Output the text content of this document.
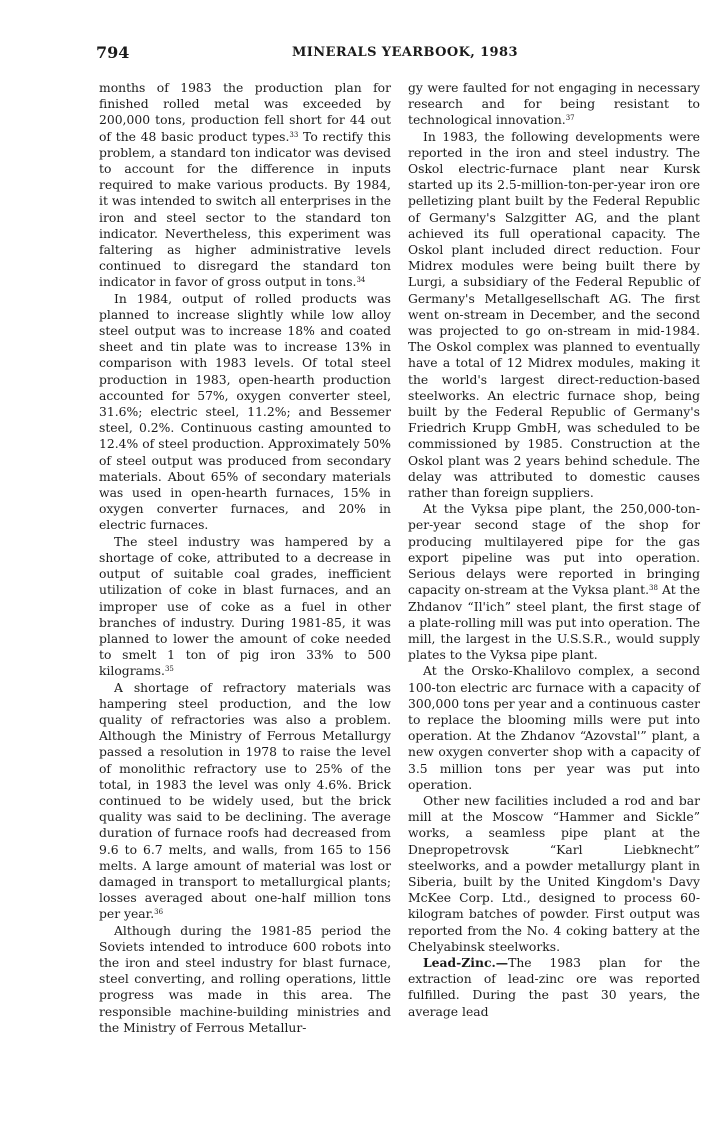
794	MINERALS YEARBOOK, 1983

months of 1983 the production plan for finished rolled metal was exceeded by 200,000 tons, production fell short for 44 out of the 48 basic product types.$^{33}$ To rectify this problem, a standard ton indicator was devised to account for the difference in inputs required to make various products. By 1984, it was intended to switch all enterprises in the iron and steel sector to the standard ton indicator. Nevertheless, this experiment was faltering as higher administrative levels continued to disregard the standard ton indicator in favor of gross output in tons.$^{34}$

In 1984, output of rolled products was planned to increase slightly while low alloy steel output was to increase 18% and coated sheet and tin plate was to increase 13% in comparison with 1983 levels. Of total steel production in 1983, open-hearth production accounted for 57%, oxygen converter steel, 31.6%; electric steel, 11.2%; and Bessemer steel, 0.2%. Continuous casting amounted to 12.4% of steel production. Approximately 50% of steel output was produced from secondary materials. About 65% of secondary materials was used in open-hearth furnaces, 15% in oxygen converter furnaces, and 20% in electric furnaces.

The steel industry was hampered by a shortage of coke, attributed to a decrease in output of suitable coal grades, inefficient utilization of coke in blast furnaces, and an improper use of coke as a fuel in other branches of industry. During 1981-85, it was planned to lower the amount of coke needed to smelt 1 ton of pig iron 33% to 500 kilograms.$^{35}$

A shortage of refractory materials was hampering steel production, and the low quality of refractories was also a problem. Although the Ministry of Ferrous Metallurgy passed a resolution in 1978 to raise the level of monolithic refractory use to 25% of the total, in 1983 the level was only 4.6%. Brick continued to be widely used, but the brick quality was said to be declining. The average duration of furnace roofs had decreased from 9.6 to 6.7 melts, and walls, from 165 to 156 melts. A large amount of material was lost or damaged in transport to metallurgical plants; losses averaged about one-half million tons per year.$^{36}$

Although during the 1981-85 period the Soviets intended to introduce 600 robots into the iron and steel industry for blast furnace, steel converting, and rolling operations, little progress was made in this area. The responsible machine-building ministries and the Ministry of Ferrous Metallur-

gy were faulted for not engaging in necessary research and for being resistant to technological innovation.$^{37}$

In 1983, the following developments were reported in the iron and steel industry. The Oskol electric-furnace plant near Kursk started up its 2.5-million-ton-per-year iron ore pelletizing plant built by the Federal Republic of Germany's Salzgitter AG, and the plant achieved its full operational capacity. The Oskol plant included direct reduction. Four Midrex modules were being built there by Lurgi, a subsidiary of the Federal Republic of Germany's Metallgesellschaft AG. The first went on-stream in December, and the second was projected to go on-stream in mid-1984. The Oskol complex was planned to eventually have a total of 12 Midrex modules, making it the world's largest direct-reduction-based steelworks. An electric furnace shop, being built by the Federal Republic of Germany's Friedrich Krupp GmbH, was scheduled to be commissioned by 1985. Construction at the Oskol plant was 2 years behind schedule. The delay was attributed to domestic causes rather than foreign suppliers.

At the Vyksa pipe plant, the 250,000-ton-per-year second stage of the shop for producing multilayered pipe for the gas export pipeline was put into operation. Serious delays were reported in bringing capacity on-stream at the Vyksa plant.$^{38}$ At the Zhdanov “Il'ich” steel plant, the first stage of a plate-rolling mill was put into operation. The mill, the largest in the U.S.S.R., would supply plates to the Vyksa pipe plant.

At the Orsko-Khalilovo complex, a second 100-ton electric arc furnace with a capacity of 300,000 tons per year and a continuous caster to replace the blooming mills were put into operation. At the Zhdanov “Azovstal'” plant, a new oxygen converter shop with a capacity of 3.5 million tons per year was put into operation.

Other new facilities included a rod and bar mill at the Moscow “Hammer and Sickle” works, a seamless pipe plant at the Dnepropetrovsk “Karl Liebknecht” steelworks, and a powder metallurgy plant in Siberia, built by the United Kingdom's Davy McKee Corp. Ltd., designed to process 60-kilogram batches of powder. First output was reported from the No. 4 coking battery at the Chelyabinsk steelworks.

Lead-Zinc.—The 1983 plan for the extraction of lead-zinc ore was reported fulfilled. During the past 30 years, the average lead
